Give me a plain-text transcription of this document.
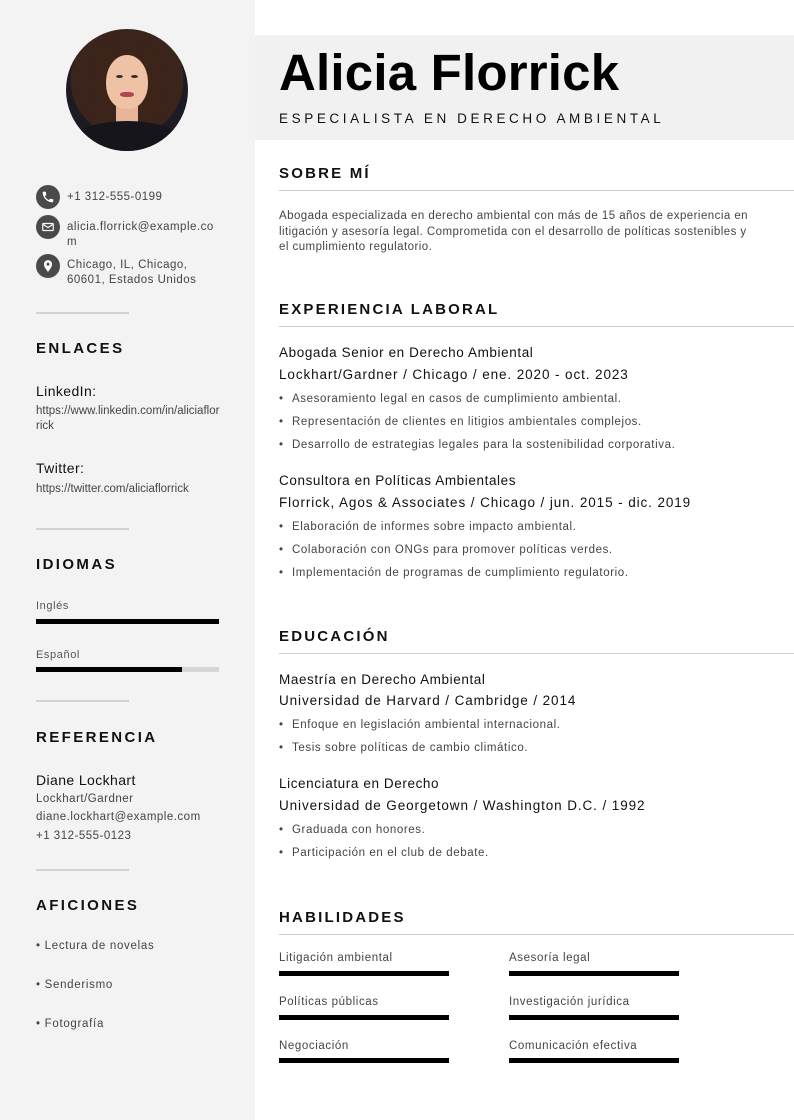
+1 312-555-0199
alicia.florrick@example.com
Chicago, IL, Chicago, 60601, Estados Unidos
ENLACES
LinkedIn:
https://www.linkedin.com/in/aliciaflorrick
Twitter:
https://twitter.com/aliciaflorrick
IDIOMAS
Inglés
Español
REFERENCIA
Diane Lockhart
Lockhart/Gardner
diane.lockhart@example.com
+1 312-555-0123
AFICIONES
• Lectura de novelas
• Senderismo
• Fotografía
Alicia Florrick
ESPECIALISTA EN DERECHO AMBIENTAL
SOBRE MÍ

Abogada especializada en derecho ambiental con más de 15 años de experiencia en litigación y asesoría legal. Comprometida con el desarrollo de políticas sostenibles y el cumplimiento regulatorio.

EXPERIENCIA LABORAL
Abogada Senior en Derecho Ambiental
Lockhart/Gardner / Chicago / ene. 2020 - oct. 2023
• Asesoramiento legal en casos de cumplimiento ambiental.
• Representación de clientes en litigios ambientales complejos.
• Desarrollo de estrategias legales para la sostenibilidad corporativa.
Consultora en Políticas Ambientales
Florrick, Agos & Associates / Chicago / jun. 2015 - dic. 2019
• Elaboración de informes sobre impacto ambiental.
• Colaboración con ONGs para promover políticas verdes.
• Implementación de programas de cumplimiento regulatorio.
EDUCACIÓN
Maestría en Derecho Ambiental
Universidad de Harvard / Cambridge / 2014
• Enfoque en legislación ambiental internacional.
• Tesis sobre políticas de cambio climático.
Licenciatura en Derecho
Universidad de Georgetown / Washington D.C. / 1992
• Graduada con honores.
• Participación en el club de debate.
HABILIDADES
Litigación ambiental	Asesoría legal
Políticas públicas	Investigación jurídica
Negociación	Comunicación efectiva
